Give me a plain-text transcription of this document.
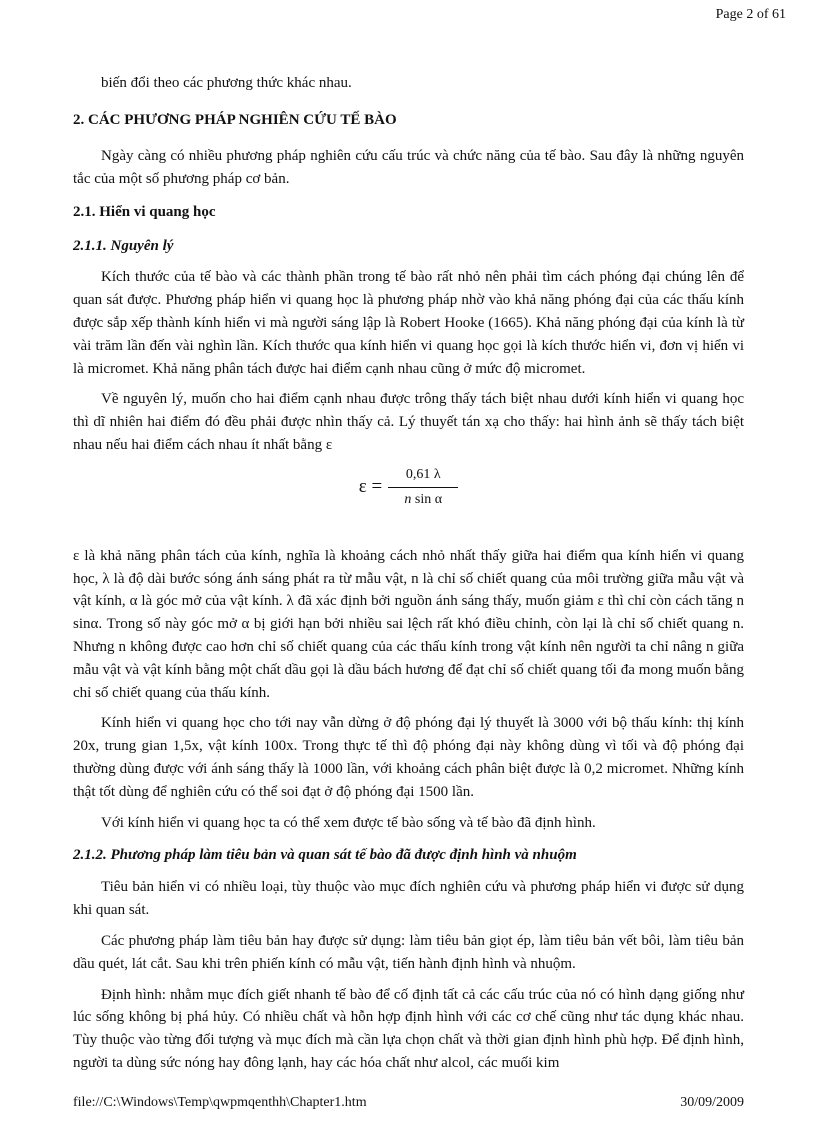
Page 2 of 61

biến đổi theo các phương thức khác nhau.

2. CÁC PHƯƠNG PHÁP NGHIÊN CỨU TẾ BÀO

Ngày càng có nhiều phương pháp nghiên cứu cấu trúc và chức năng của tế bào. Sau đây là những nguyên tắc của một số phương pháp cơ bản.

2.1. Hiển vi quang học
2.1.1. Nguyên lý

Kích thước của tế bào và các thành phần trong tế bào rất nhỏ nên phải tìm cách phóng đại chúng lên để quan sát được. Phương pháp hiển vi quang học là phương pháp nhờ vào khả năng phóng đại của các thấu kính được sắp xếp thành kính hiển vi mà người sáng lập là Robert Hooke (1665). Khả năng phóng đại của kính là từ vài trăm lần đến vài nghìn lần. Kích thước qua kính hiển vi quang học gọi là kích thước hiển vi, đơn vị hiển vi là micromet. Khả năng phân tách được hai điểm cạnh nhau cũng ở mức độ micromet.

Về nguyên lý, muốn cho hai điểm cạnh nhau được trông thấy tách biệt nhau dưới kính hiển vi quang học thì dĩ nhiên hai điểm đó đều phải được nhìn thấy cả. Lý thuyết tán xạ cho thấy: hai hình ảnh sẽ thấy tách biệt nhau nếu hai điểm cách nhau ít nhất bằng ε

$\varepsilon = \frac{0,61 \lambda}{\text{n sin α}}$

ε là khả năng phân tách của kính, nghĩa là khoảng cách nhỏ nhất thấy giữa hai điểm qua kính hiển vi quang học, λ là độ dài bước sóng ánh sáng phát ra từ mẫu vật, n là chỉ số chiết quang của môi trường giữa mẫu vật và vật kính, α là góc mở của vật kính. λ đã xác định bởi nguồn ánh sáng thấy, muốn giảm ε thì chỉ còn cách tăng n sinα. Trong số này góc mở α bị giới hạn bởi nhiều sai lệch rất khó điều chỉnh, còn lại là chỉ số chiết quang n. Nhưng n không được cao hơn chỉ số chiết quang của các thấu kính trong vật kính nên người ta chỉ nâng n giữa mẫu vật và vật kính bằng một chất dầu gọi là dầu bách hương để đạt chỉ số chiết quang tối đa mong muốn bằng chỉ số chiết quang của thấu kính.

Kính hiển vi quang học cho tới nay vẫn dừng ở độ phóng đại lý thuyết là 3000 với bộ thấu kính: thị kính 20x, trung gian 1,5x, vật kính 100x. Trong thực tế thì độ phóng đại này không dùng vì tối và độ phóng đại thường dùng được với ánh sáng thấy là 1000 lần, với khoảng cách phân biệt được là 0,2 micromet. Những kính thật tốt dùng để nghiên cứu có thể soi đạt ở độ phóng đại 1500 lần.

Với kính hiển vi quang học ta có thể xem được tế bào sống và tế bào đã định hình.

2.1.2. Phương pháp làm tiêu bản và quan sát tế bào đã được định hình và nhuộm

Tiêu bản hiển vi có nhiều loại, tùy thuộc vào mục đích nghiên cứu và phương pháp hiển vi được sử dụng khi quan sát.

Các phương pháp làm tiêu bản hay được sử dụng: làm tiêu bản giọt ép, làm tiêu bản vết bôi, làm tiêu bản dầu quét, lát cắt. Sau khi trên phiến kính có mẫu vật, tiến hành định hình và nhuộm.

Định hình: nhằm mục đích giết nhanh tế bào để cố định tất cả các cấu trúc của nó có hình dạng giống như lúc sống không bị phá hủy. Có nhiều chất và hỗn hợp định hình với các cơ chế cũng như tác dụng khác nhau. Tùy thuộc vào từng đối tượng và mục đích mà cần lựa chọn chất và thời gian định hình phù hợp. Để định hình, người ta dùng sức nóng hay đông lạnh, hay các hóa chất như alcol, các muối kim

file://C:\Windows\Temp\qwpmqenthh\Chapter1.htm	30/09/2009
